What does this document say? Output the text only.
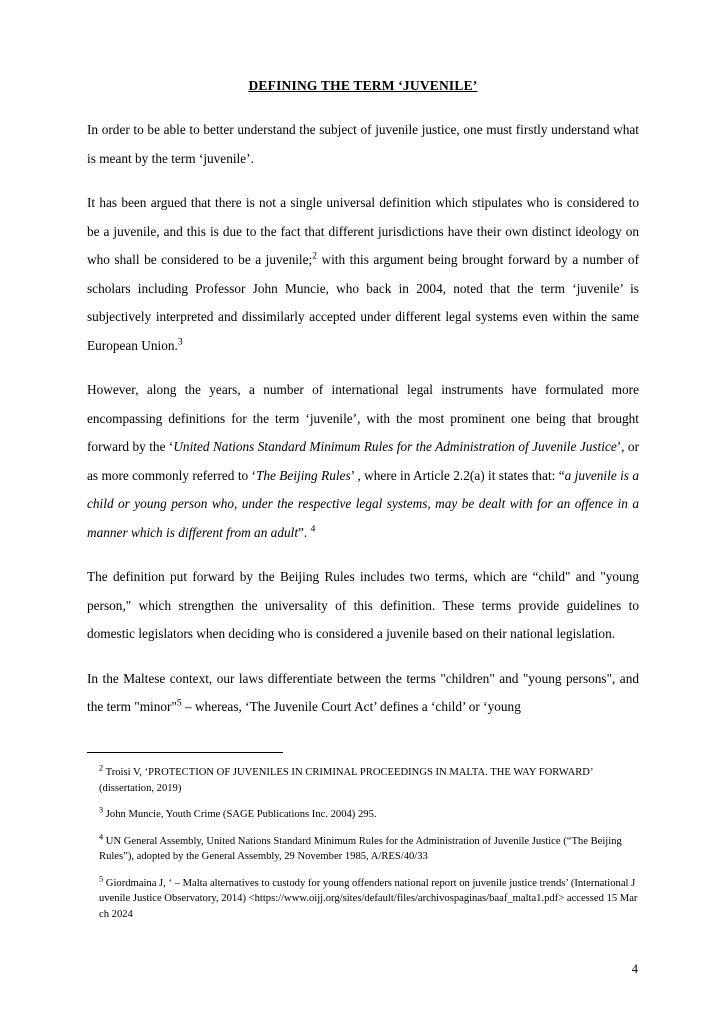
DEFINING THE TERM ‘JUVENILE’

In order to be able to better understand the subject of juvenile justice, one must firstly understand what is meant by the term ‘juvenile’.

It has been argued that there is not a single universal definition which stipulates who is considered to be a juvenile, and this is due to the fact that different jurisdictions have their own distinct ideology on who shall be considered to be a juvenile;$^2$ with this argument being brought forward by a number of scholars including Professor John Muncie, who back in 2004, noted that the term ‘juvenile’ is subjectively interpreted and dissimilarly accepted under different legal systems even within the same European Union.$^3$

However, along the years, a number of international legal instruments have formulated more encompassing definitions for the term ‘juvenile’, with the most prominent one being that brought forward by the ‘United Nations Standard Minimum Rules for the Administration of Juvenile Justice’, or as more commonly referred to ‘The Beijing Rules’ , where in Article 2.2(a) it states that: “a juvenile is a child or young person who, under the respective legal systems, may be dealt with for an offence in a manner which is different from an adult”. $^4$

The definition put forward by the Beijing Rules includes two terms, which are “child" and "young person," which strengthen the universality of this definition. These terms provide guidelines to domestic legislators when deciding who is considered a juvenile based on their national legislation.

In the Maltese context, our laws differentiate between the terms "children" and "young persons", and the term "minor"$^5$ – whereas, ‘The Juvenile Court Act’ defines a ‘child’ or ‘young

$^2$ Troisi V, ‘PROTECTION OF JUVENILES IN CRIMINAL PROCEEDINGS IN MALTA. THE WAY FORWARD’ (dissertation, 2019)

$^3$ John Muncie, Youth Crime (SAGE Publications Inc. 2004) 295.

$^4$ UN General Assembly, United Nations Standard Minimum Rules for the Administration of Juvenile Justice (“The Beijing Rules”), adopted by the General Assembly, 29 November 1985, A/RES/40/33

$^5$ Giordmaina J, ‘ – Malta alternatives to custody for young offenders national report on juvenile justice trends’ (International Juvenile Justice Observatory, 2014) <https://www.oijj.org/sites/default/files/archivospaginas/baaf_malta1.pdf> accessed 15 March 2024

4
